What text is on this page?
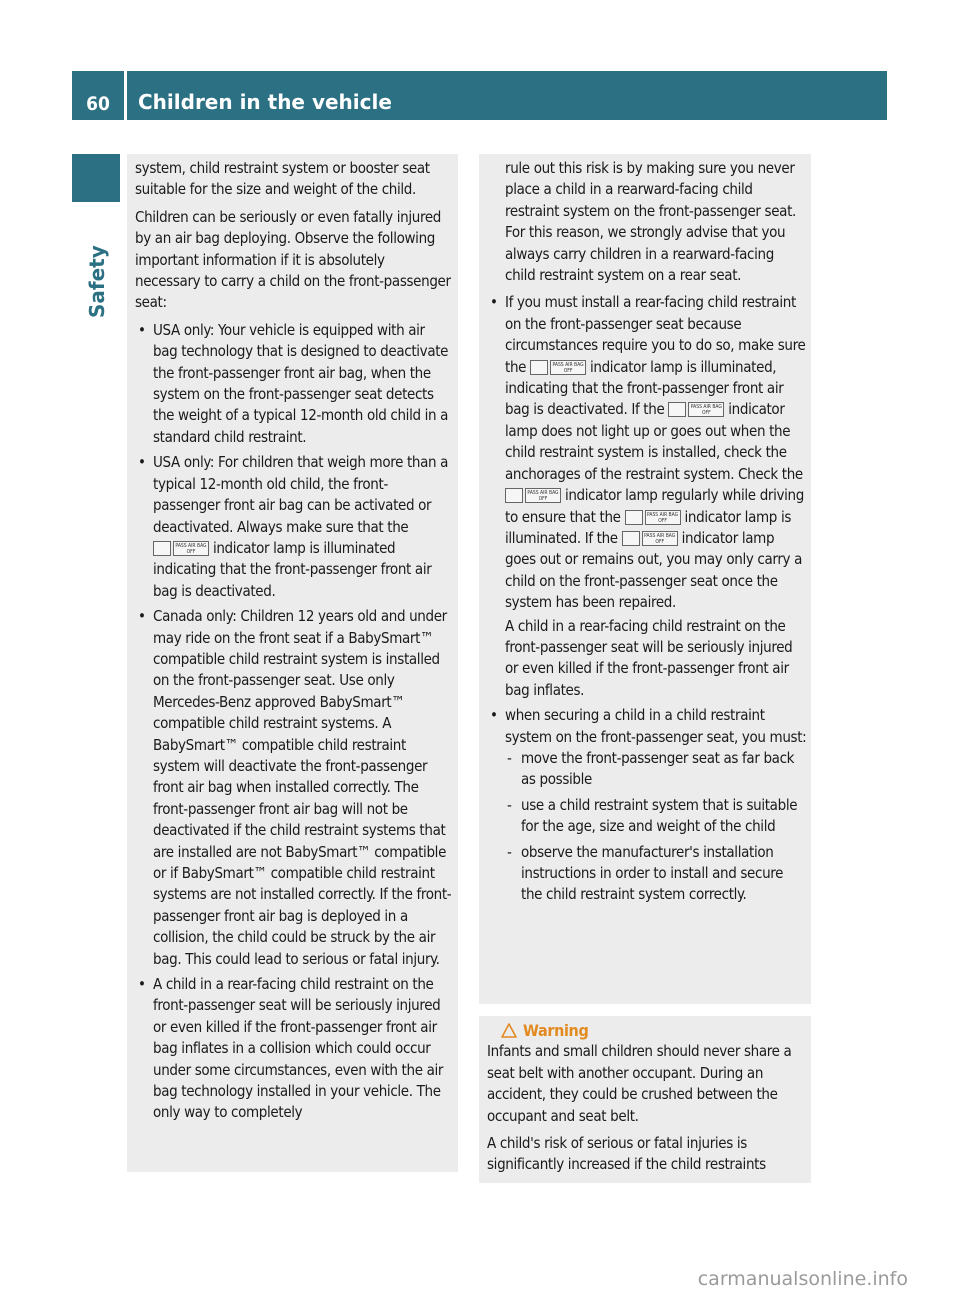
60	Children in the vehicle
Safety

system, child restraint system or booster seat suitable for the size and weight of the child.

Children can be seriously or even fatally injured by an air bag deploying. Observe the following important information if it is absolutely necessary to carry a child on the front-passenger seat:

• USA only: Your vehicle is equipped with air bag technology that is designed to deactivate the front-passenger front air bag, when the system on the front-passenger seat detects the weight of a typical 12-month old child in a standard child restraint.
• USA only: For children that weigh more than a typical 12-month old child, the front-passenger front air bag can be activated or deactivated. Always make sure that the
PASS AIR BAG OFF	indicator lamp is illuminated indicating that the front-passenger front air bag is deactivated.
• Canada only: Children 12 years old and under may ride on the front seat if a BabySmart™ compatible child restraint system is installed on the front-passenger seat. Use only Mercedes-Benz approved BabySmart™ compatible child restraint systems. A BabySmart™ compatible child restraint system will deactivate the front-passenger front air bag when installed correctly. The front-passenger front air bag will not be deactivated if the child restraint systems that are installed are not BabySmart™ compatible or if BabySmart™ compatible child restraint systems are not installed correctly. If the front-passenger front air bag is deployed in a collision, the child could be struck by the air bag. This could lead to serious or fatal injury.
• A child in a rear-facing child restraint on the front-passenger seat will be seriously injured or even killed if the front-passenger front air bag inflates in a collision which could occur under some circumstances, even with the air bag technology installed in your vehicle. The only way to completely

rule out this risk is by making sure you never place a child in a rearward-facing child restraint system on the front-passenger seat. For this reason, we strongly advise that you always carry children in a rearward-facing child restraint system on a rear seat.

• If you must install a rear-facing child restraint on the front-passenger seat because circumstances require you to do so, make sure the	PASS AIR BAG OFF	indicator lamp is illuminated, indicating that the front-passenger front air bag is deactivated. If the	PASS AIR BAG OFF	indicator lamp does not light up or goes out when the child restraint system is installed, check the anchorages of the restraint system. Check the
PASS AIR BAG OFF	indicator lamp regularly while driving to ensure that the	PASS AIR BAG OFF	indicator lamp is illuminated. If the	PASS AIR BAG OFF	indicator lamp goes out or remains out, you may only carry a child on the front-passenger seat once the system has been repaired.

A child in a rear-facing child restraint on the front-passenger seat will be seriously injured or even killed if the front-passenger front air bag inflates.

• when securing a child in a child restraint system on the front-passenger seat, you must:
- move the front-passenger seat as far back as possible
- use a child restraint system that is suitable for the age, size and weight of the child
- observe the manufacturer's installation instructions in order to install and secure the child restraint system correctly.
Warning

Infants and small children should never share a seat belt with another occupant. During an accident, they could be crushed between the occupant and seat belt.

A child's risk of serious or fatal injuries is significantly increased if the child restraints

carmanualsonline.info
